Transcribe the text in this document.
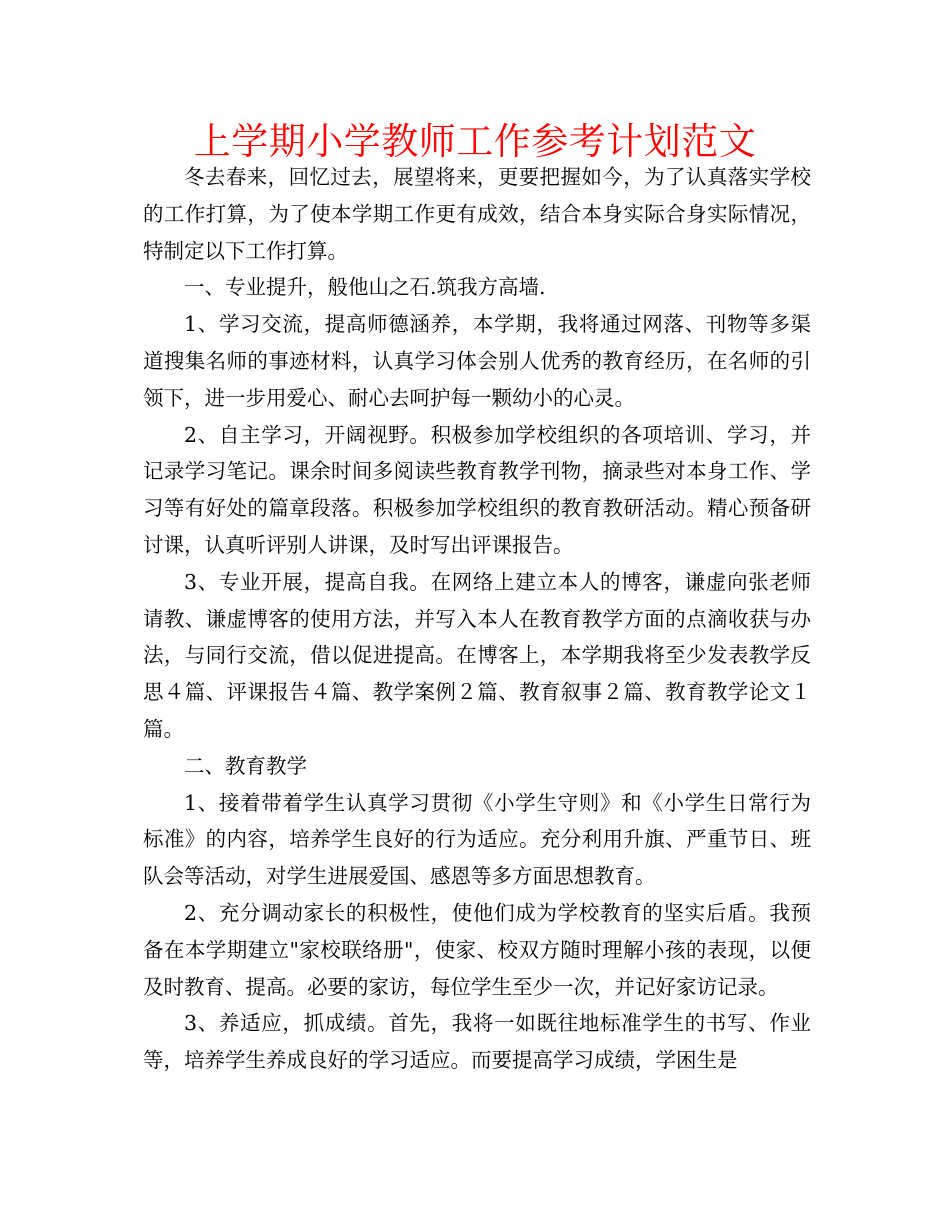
上学期小学教师工作参考计划范文

冬去春来，回忆过去，展望将来，更要把握如今，为了认真落实学校的工作打算，为了使本学期工作更有成效，结合本身实际合身实际情况，特制定以下工作打算。

一、专业提升，般他山之石.筑我方高墙.

1、学习交流，提高师德涵养，本学期，我将通过网落、刊物等多渠道搜集名师的事迹材料，认真学习体会别人优秀的教育经历，在名师的引领下，进一步用爱心、耐心去呵护每一颗幼小的心灵。

2、自主学习，开阔视野。积极参加学校组织的各项培训、学习，并记录学习笔记。课余时间多阅读些教育教学刊物，摘录些对本身工作、学习等有好处的篇章段落。积极参加学校组织的教育教研活动。精心预备研讨课，认真听评别人讲课，及时写出评课报告。

3、专业开展，提高自我。在网络上建立本人的博客，谦虚向张老师请教、谦虚博客的使用方法，并写入本人在教育教学方面的点滴收获与办法，与同行交流，借以促进提高。在博客上，本学期我将至少发表教学反思４篇、评课报告４篇、教学案例２篇、教育叙事２篇、教育教学论文１篇。

二、教育教学

1、接着带着学生认真学习贯彻《小学生守则》和《小学生日常行为标准》的内容，培养学生良好的行为适应。充分利用升旗、严重节日、班队会等活动，对学生进展爱国、感恩等多方面思想教育。

2、充分调动家长的积极性，使他们成为学校教育的坚实后盾。我预备在本学期建立"家校联络册"，使家、校双方随时理解小孩的表现，以便及时教育、提高。必要的家访，每位学生至少一次，并记好家访记录。

3、养适应，抓成绩。首先，我将一如既往地标准学生的书写、作业等，培养学生养成良好的学习适应。而要提高学习成绩，学困生是
